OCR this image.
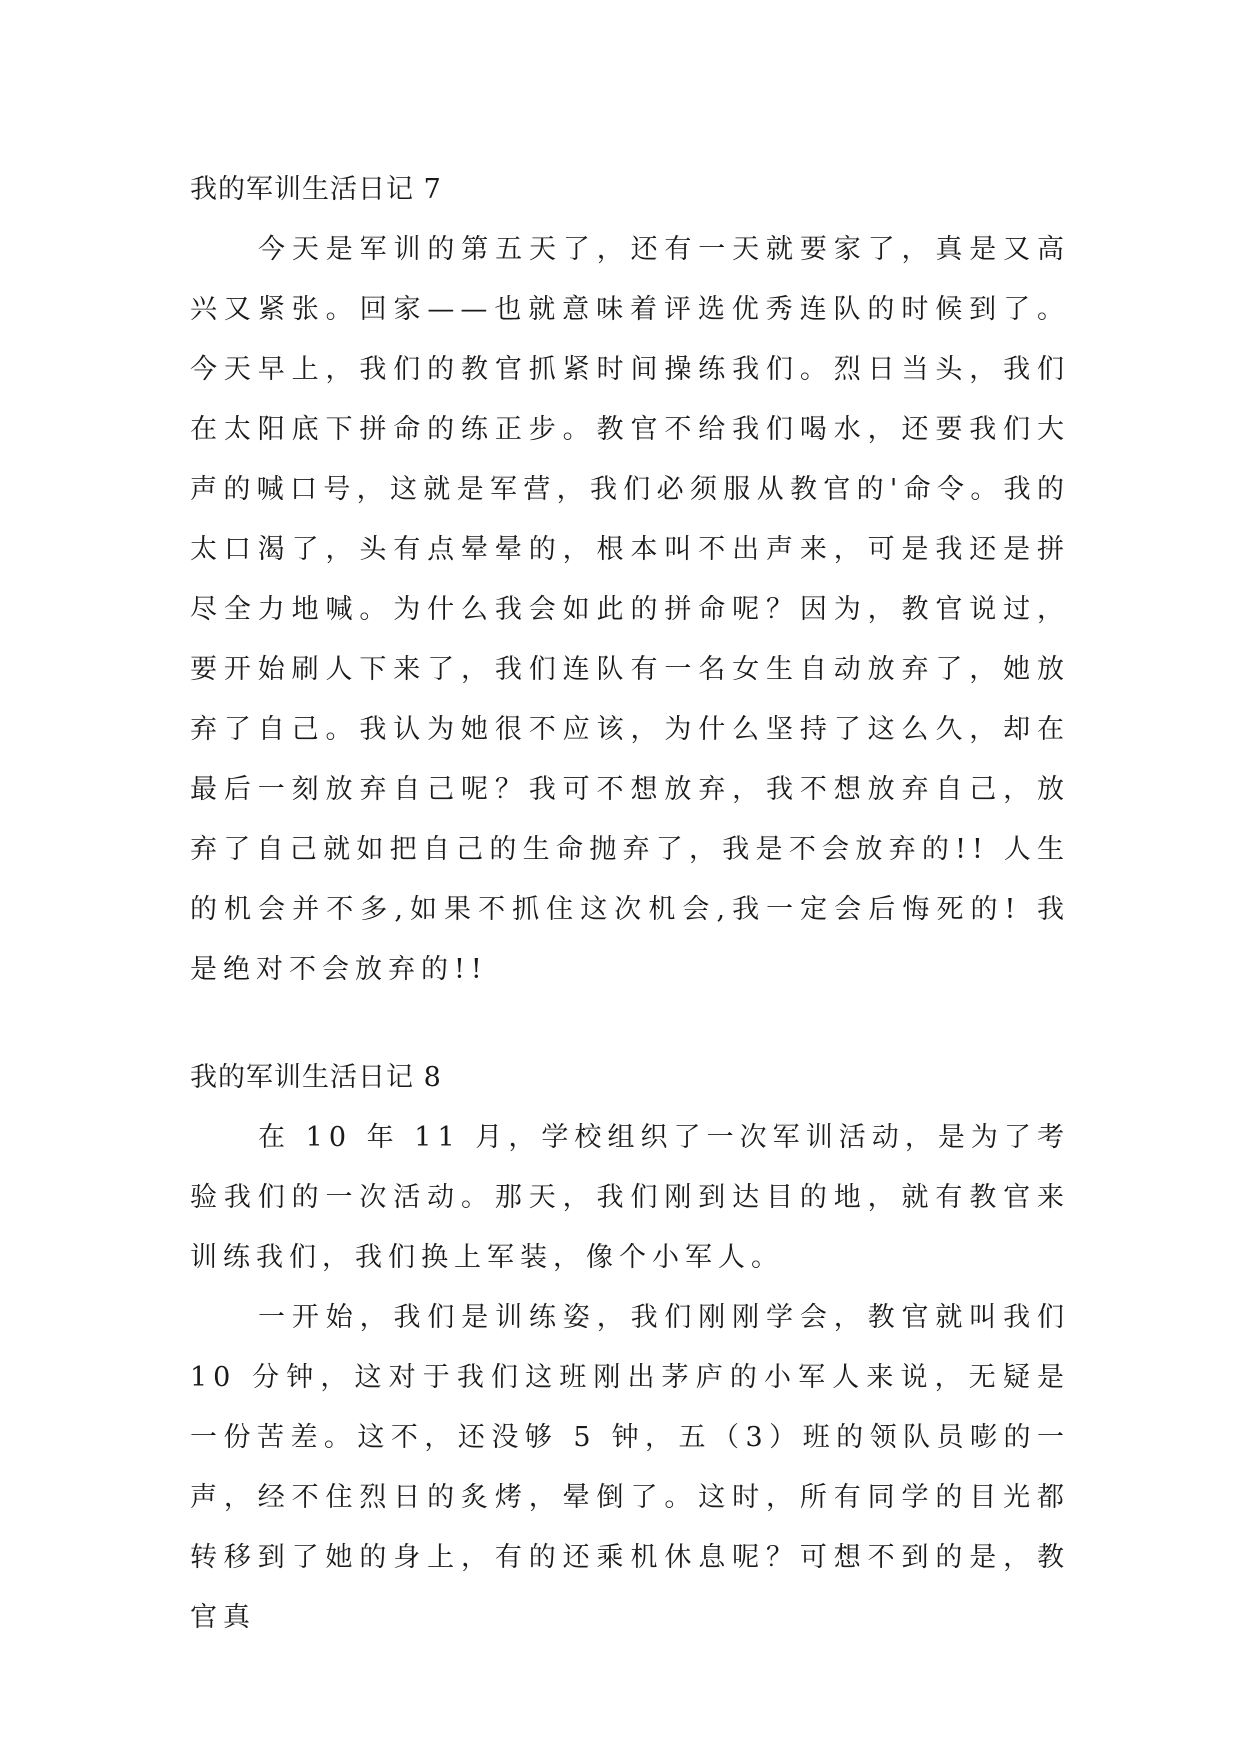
我的军训生活日记 7

今天是军训的第五天了，还有一天就要家了，真是又高兴又紧张。回家——也就意味着评选优秀连队的时候到了。今天早上，我们的教官抓紧时间操练我们。烈日当头，我们在太阳底下拼命的练正步。教官不给我们喝水，还要我们大声的喊口号，这就是军营，我们必须服从教官的'命令。我的太口渴了，头有点晕晕的，根本叫不出声来，可是我还是拼尽全力地喊。为什么我会如此的拼命呢？因为，教官说过，要开始刷人下来了，我们连队有一名女生自动放弃了，她放弃了自己。我认为她很不应该，为什么坚持了这么久，却在最后一刻放弃自己呢？我可不想放弃，我不想放弃自己，放弃了自己就如把自己的生命抛弃了，我是不会放弃的!! 人生的机会并不多,如果不抓住这次机会,我一定会后悔死的! 我是绝对不会放弃的!!

我的军训生活日记 8

在 10 年 11 月，学校组织了一次军训活动，是为了考验我们的一次活动。那天，我们刚到达目的地，就有教官来训练我们，我们换上军装，像个小军人。

一开始，我们是训练姿，我们刚刚学会，教官就叫我们 10 分钟，这对于我们这班刚出茅庐的小军人来说，无疑是一份苦差。这不，还没够 5 钟，五（3）班的领队员嘭的一声，经不住烈日的炙烤，晕倒了。这时，所有同学的目光都转移到了她的身上，有的还乘机休息呢？可想不到的是，教官真
